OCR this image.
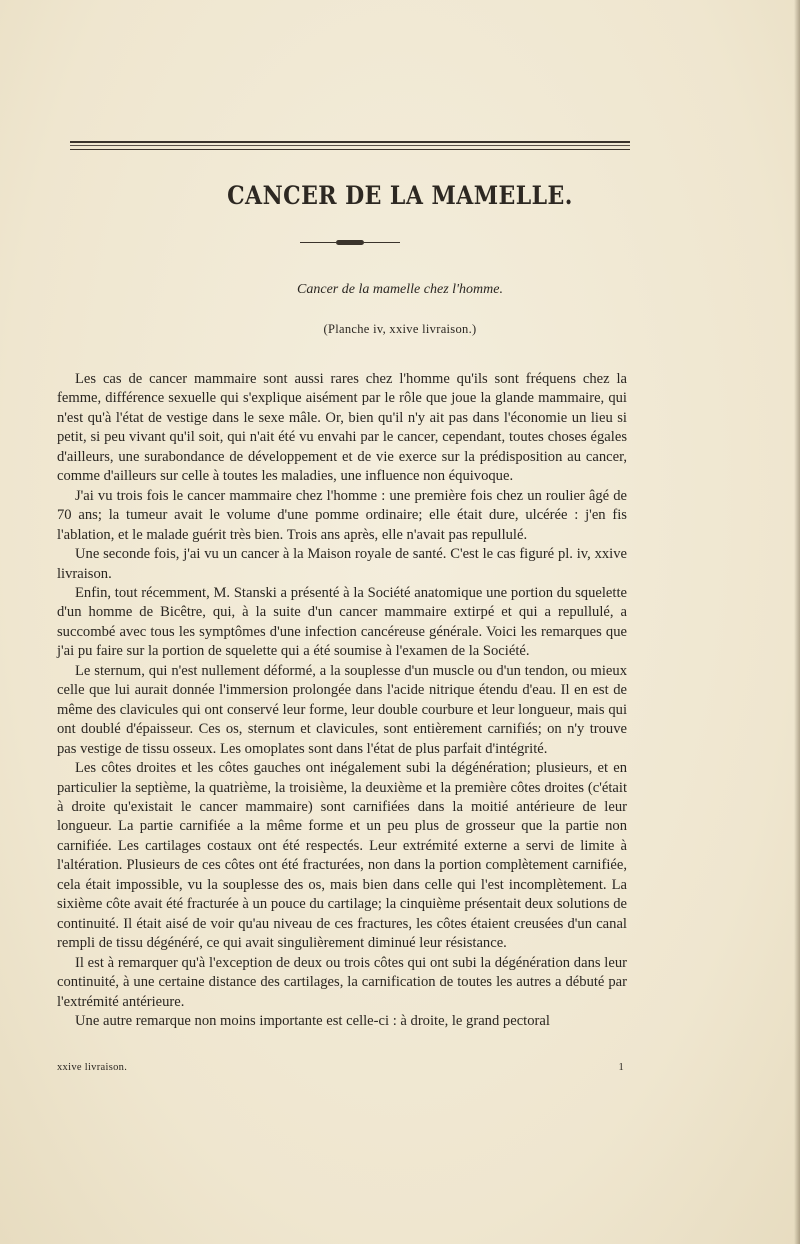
CANCER DE LA MAMELLE.
Cancer de la mamelle chez l'homme.
(Planche iv, xxive livraison.)

Les cas de cancer mammaire sont aussi rares chez l'homme qu'ils sont fréquens chez la femme, différence sexuelle qui s'explique aisément par le rôle que joue la glande mammaire, qui n'est qu'à l'état de vestige dans le sexe mâle. Or, bien qu'il n'y ait pas dans l'économie un lieu si petit, si peu vivant qu'il soit, qui n'ait été vu envahi par le cancer, cependant, toutes choses égales d'ailleurs, une surabondance de développement et de vie exerce sur la prédisposition au cancer, comme d'ailleurs sur celle à toutes les maladies, une influence non équivoque.

J'ai vu trois fois le cancer mammaire chez l'homme : une première fois chez un roulier âgé de 70 ans; la tumeur avait le volume d'une pomme ordinaire; elle était dure, ulcérée : j'en fis l'ablation, et le malade guérit très bien. Trois ans après, elle n'avait pas repullulé.

Une seconde fois, j'ai vu un cancer à la Maison royale de santé. C'est le cas figuré pl. iv, xxive livraison.

Enfin, tout récemment, M. Stanski a présenté à la Société anatomique une portion du squelette d'un homme de Bicêtre, qui, à la suite d'un cancer mammaire extirpé et qui a repullulé, a succombé avec tous les symptômes d'une infection cancéreuse générale. Voici les remarques que j'ai pu faire sur la portion de squelette qui a été soumise à l'examen de la Société.

Le sternum, qui n'est nullement déformé, a la souplesse d'un muscle ou d'un tendon, ou mieux celle que lui aurait donnée l'immersion prolongée dans l'acide nitrique étendu d'eau. Il en est de même des clavicules qui ont conservé leur forme, leur double courbure et leur longueur, mais qui ont doublé d'épaisseur. Ces os, sternum et clavicules, sont entièrement carnifiés; on n'y trouve pas vestige de tissu osseux. Les omoplates sont dans l'état de plus parfait d'intégrité.

Les côtes droites et les côtes gauches ont inégalement subi la dégénération; plusieurs, et en particulier la septième, la quatrième, la troisième, la deuxième et la première côtes droites (c'était à droite qu'existait le cancer mammaire) sont carnifiées dans la moitié antérieure de leur longueur. La partie carnifiée a la même forme et un peu plus de grosseur que la partie non carnifiée. Les cartilages costaux ont été respectés. Leur extrémité externe a servi de limite à l'altération. Plusieurs de ces côtes ont été fracturées, non dans la portion complètement carnifiée, cela était impossible, vu la souplesse des os, mais bien dans celle qui l'est incomplètement. La sixième côte avait été fracturée à un pouce du cartilage; la cinquième présentait deux solutions de continuité. Il était aisé de voir qu'au niveau de ces fractures, les côtes étaient creusées d'un canal rempli de tissu dégénéré, ce qui avait singulièrement diminué leur résistance.

Il est à remarquer qu'à l'exception de deux ou trois côtes qui ont subi la dégénération dans leur continuité, à une certaine distance des cartilages, la carnification de toutes les autres a débuté par l'extrémité antérieure.

Une autre remarque non moins importante est celle-ci : à droite, le grand pectoral

xxive livraison.	1
